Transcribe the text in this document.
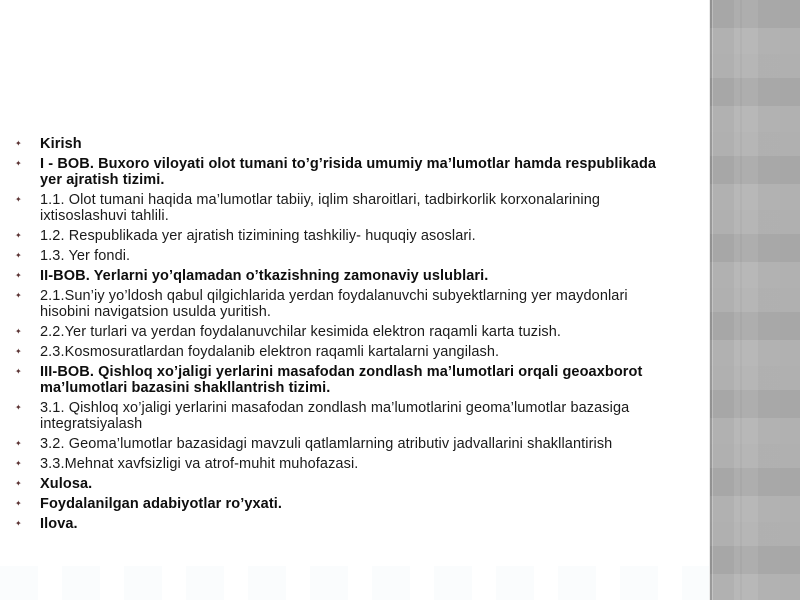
✦ Kirish
✦ I - BOB. Buxoro viloyati olot tumani to’g’risida umumiy ma’lumotlar hamda respublikada yer ajratish tizimi.
✦ 1.1. Olot tumani haqida ma’lumotlar tabiiy, iqlim sharoitlari, tadbirkorlik korxonalarining ixtisoslashuvi tahlili.
✦ 1.2. Respublikada yer ajratish tizimining tashkiliy- huquqiy asoslari.
✦ 1.3. Yer fondi.
✦ II-BOB. Yerlarni yo’qlamadan o’tkazishning zamonaviy uslublari.
✦ 2.1.Sun’iy yo’ldosh qabul qilgichlarida yerdan foydalanuvchi subyektlarning yer maydonlari hisobini navigatsion usulda yuritish.
✦ 2.2.Yer turlari va yerdan foydalanuvchilar kesimida elektron raqamli karta tuzish.
✦ 2.3.Kosmosuratlardan foydalanib elektron raqamli kartalarni yangilash.
✦ III-BOB. Qishloq xo’jaligi yerlarini masafodan zondlash ma’lumotlari orqali geoaxborot ma’lumotlari bazasini shakllantrish tizimi.
✦ 3.1. Qishloq xo’jaligi yerlarini masafodan zondlash ma’lumotlarini geoma’lumotlar bazasiga integratsiyalash
✦ 3.2. Geoma’lumotlar bazasidagi mavzuli qatlamlarning atributiv jadvallarini shakllantirish
✦ 3.3.Mehnat xavfsizligi va atrof-muhit muhofazasi.
✦ Xulosa.
✦ Foydalanilgan adabiyotlar ro’yxati.
✦ Ilova.
